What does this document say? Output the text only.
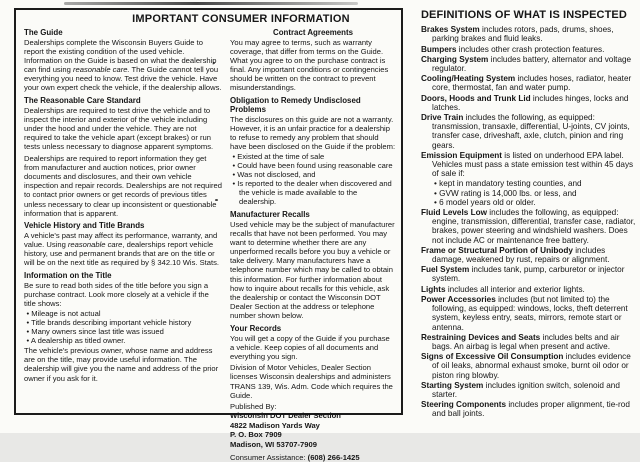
IMPORTANT CONSUMER INFORMATION
The Guide

Dealerships complete the Wisconsin Buyers Guide to report the existing condition of the used vehicle. Information on the Guide is based on what the dealership can find using reasonable care. The Guide cannot tell you everything you need to know. Test drive the vehicle. Have your own expert check the vehicle, if the dealership allows.

The Reasonable Care Standard

Dealerships are required to test drive the vehicle and to inspect the interior and exterior of the vehicle including under the hood and under the vehicle. They are not required to take the vehicle apart (except brakes) or run tests unless necessary to diagnose apparent symptoms.

Dealerships are required to report information they get from manufacturer and auction notices, prior owner documents and disclosures, and their own vehicle inspection and repair records. Dealerships are not required to contact prior owners or get records of previous titles unless necessary to clear up inconsistent or questionable information that is apparent.

Vehicle History and Title Brands

A vehicle's past may affect its performance, warranty, and value. Using reasonable care, dealerships report vehicle history, use and permanent brands that are on the title or will be on the next title as required by § 342.10 Wis. Stats.

Information on the Title

Be sure to read both sides of the title before you sign a purchase contract. Look more closely at a vehicle if the title shows:

• Mileage is not actual
• Title brands describing important vehicle history
• Many owners since last title was issued
• A dealership as titled owner.

The vehicle's previous owner, whose name and address are on the title, may provide useful information. The dealership will give you the name and address of the prior owner if you ask for it.

Contract Agreements

You may agree to terms, such as warranty coverage, that differ from terms on the Guide. What you agree to on the purchase contract is final. Any important conditions or contingencies should be written on the contract to prevent misunderstandings.

Obligation to Remedy Undisclosed Problems

The disclosures on this guide are not a warranty. However, it is an unfair practice for a dealership to refuse to remedy any problem that should have been disclosed on the Guide if the problem:

• Existed at the time of sale
• Could have been found using reasonable care
• Was not disclosed, and
• Is reported to the dealer when discovered and the vehicle is made available to the dealership.
Manufacturer Recalls

Used vehicle may be the subject of manufacturer recalls that have not been performed. You may want to determine whether there are any unperformed recalls before you buy a vehicle or take delivery. Many manufacturers have a telephone number which may be called to obtain this information. For further information about how to inquire about recalls for this vehicle, ask the dealership or contact the Wisconsin DOT Dealer Section at the address or telephone number shown below.

Your Records

You will get a copy of the Guide if you purchase a vehicle. Keep copies of all documents and everything you sign.

Division of Motor Vehicles, Dealer Section licenses Wisconsin dealerships and administers TRANS 139, Wis. Adm. Code which requires the Guide.

Published By:
Wisconsin DOT Dealer Section
4822 Madison Yards Way
P. O. Box 7909
Madison, WI 53707-7909
Consumer Assistance: (608) 266-1425
DEFINITIONS OF WHAT IS INSPECTED

Brakes System includes rotors, pads, drums, shoes, parking brakes and fluid leaks.

Bumpers includes other crash protection features.

Charging System includes battery, alternator and voltage regulator.

Cooling/Heating System includes hoses, radiator, heater core, thermostat, fan and water pump.

Doors, Hoods and Trunk Lid includes hinges, locks and latches.

Drive Train includes the following, as equipped: transmission, transaxle, differential, U-joints, CV joints, transfer case, driveshaft, axle, clutch, pinion and ring gears.

Emission Equipment is listed on underhood EPA label. Vehicles must pass a state emission test within 45 days of sale if:

• kept in mandatory testing counties, and
• GVW rating is 14,000 lbs. or less, and
• 6 model years old or older.

Fluid Levels Low includes the following, as equipped: engine, transmission, differential, transfer case, radiator, brakes, power steering and windshield washers. Does not include AC or maintenance free battery.

Frame or Structural Portion of Unibody includes damage, weakened by rust, repairs or alignment.

Fuel System includes tank, pump, carburetor or injector system.

Lights includes all interior and exterior lights.

Power Accessories includes (but not limited to) the following, as equipped: windows, locks, theft deterrent system, keyless entry, seats, mirrors, remote start or antenna.

Restraining Devices and Seats includes belts and air bags. An airbag is legal when present and active.

Signs of Excessive Oil Consumption includes evidence of oil leaks, abnormal exhaust smoke, burnt oil odor or piston ring blowby.

Starting System includes ignition switch, solenoid and starter.

Steering Components includes proper alignment, tie-rod and ball joints.
